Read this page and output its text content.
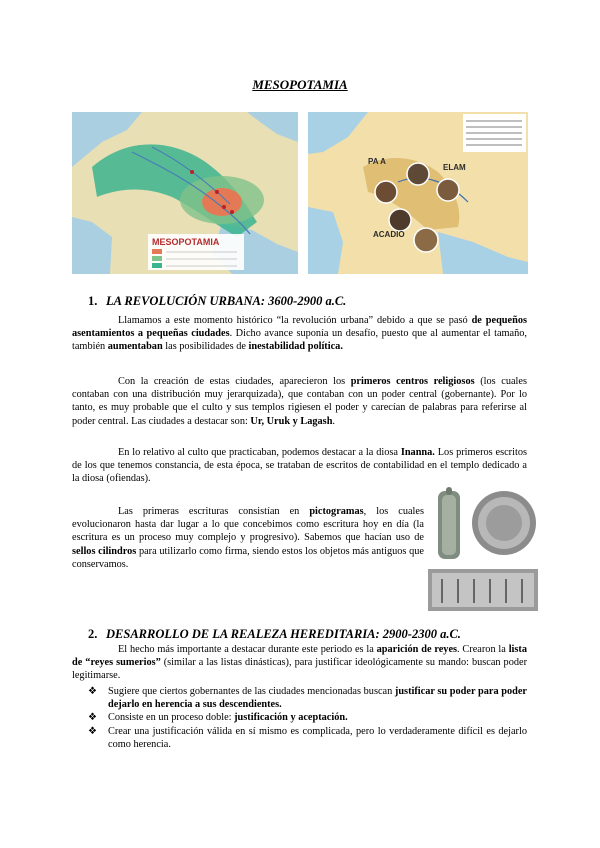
MESOPOTAMIA
MESOPOTAMIA
PA A
ELAM
ACADIO
1. LA REVOLUCIÓN URBANA: 3600-2900 a.C.
Llamamos a este momento histórico “la revolución urbana” debido a que se pasó de pequeños asentamientos a pequeñas ciudades. Dicho avance suponía un desafío, puesto que al aumentar el tamaño, también aumentaban las posibilidades de inestabilidad política.
Con la creación de estas ciudades, aparecieron los primeros centros religiosos (los cuales contaban con una distribución muy jerarquizada), que contaban con un poder central (gobernante). Por lo tanto, es muy probable que el culto y sus templos rigiesen el poder y carecían de palabras para referirse al poder central. Las ciudades a destacar son: Ur, Uruk y Lagash.
En lo relativo al culto que practicaban, podemos destacar a la diosa Inanna. Los primeros escritos de los que tenemos constancia, de esta época, se trataban de escritos de contabilidad en el templo dedicado a la diosa (ofiendas).
Las primeras escrituras consistían en pictogramas, los cuales evolucionaron hasta dar lugar a lo que concebimos como escritura hoy en día (la escritura es un proceso muy complejo y progresivo). Sabemos que hacían uso de sellos cilindros para utilizarlo como firma, siendo estos los objetos más antiguos que conservamos.
2. DESARROLLO DE LA REALEZA HEREDITARIA: 2900-2300 a.C.
El hecho más importante a destacar durante este periodo es la aparición de reyes. Crearon la lista de “reyes sumerios” (similar a las listas dinásticas), para justificar ideológicamente su mando: buscan poder legitimarse.
❖ Sugiere que ciertos gobernantes de las ciudades mencionadas buscan justificar su poder para poder dejarlo en herencia a sus descendientes.
❖ Consiste en un proceso doble: justificación y aceptación.
❖ Crear una justificación válida en sí mismo es complicada, pero lo verdaderamente difícil es dejarlo como herencia.
